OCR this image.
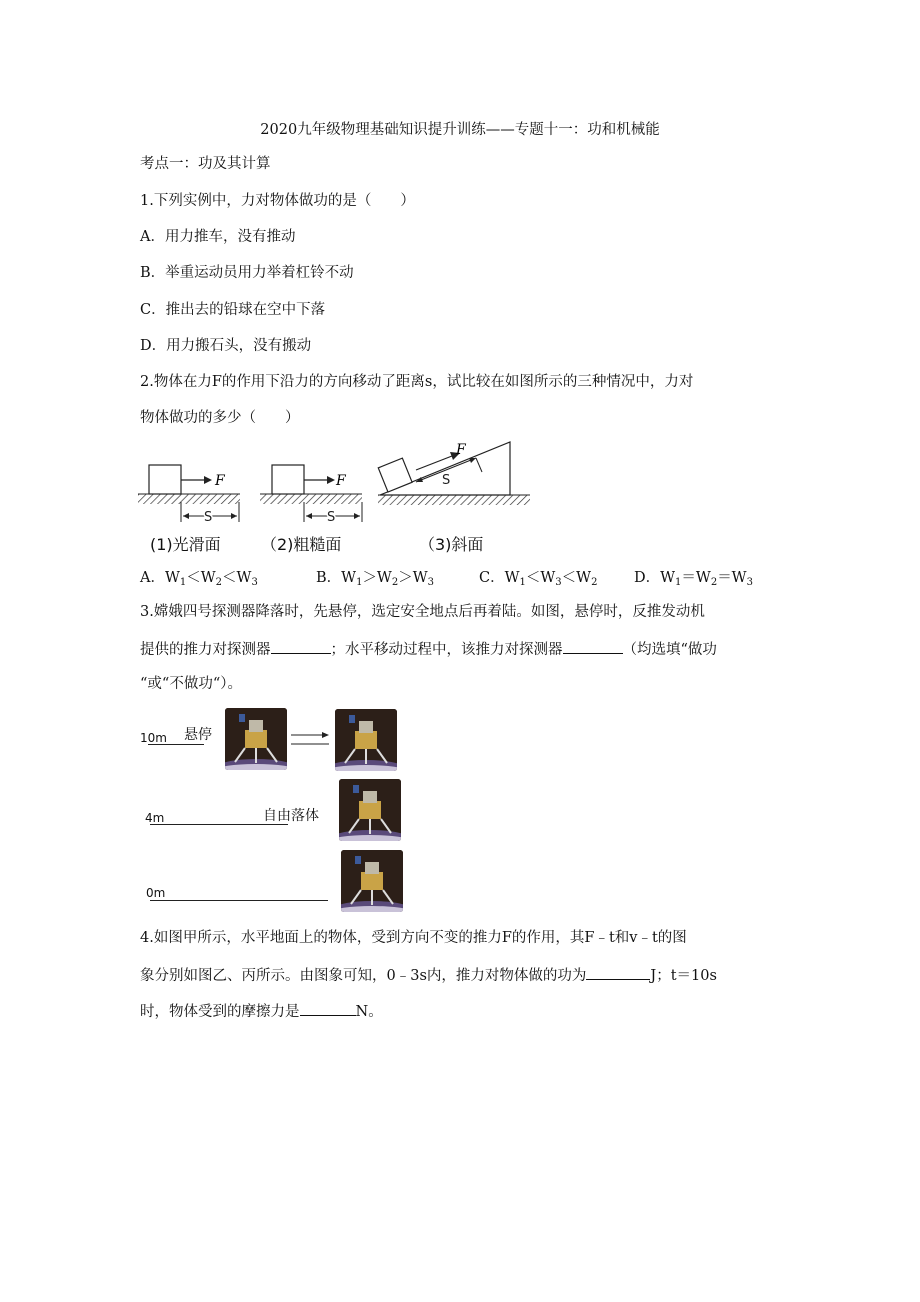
2020九年级物理基础知识提升训练——专题十一：功和机械能
考点一：功及其计算
1.下列实例中，力对物体做功的是（　　）
A．用力推车，没有推动
B．举重运动员用力举着杠铃不动
C．推出去的铅球在空中下落
D．用力搬石头，没有搬动
2.物体在力F的作用下沿力的方向移动了距离s，试比较在如图所示的三种情况中，力对
物体做功的多少（　　）
F
S
F
S
F
S
(1)光滑面	（2)粗糙面	（3)斜面
A．$W_1<W_2<W_3$	B．$W_1>W_2>W_3$	C．$W_1<W_3<W_2$	D．$W_1=W_2=W_3$
3.嫦娥四号探测器降落时，先悬停，选定安全地点后再着陆。如图，悬停时，反推发动机
提供的推力对探测器	；水平移动过程中，该推力对探测器	（均选填“做功
“或“不做功“）。
10m 悬停
4m	自由落体
0m
4.如图甲所示，水平地面上的物体，受到方向不变的推力F的作用，其F﹣t和v﹣t的图
象分别如图乙、丙所示。由图象可知，0﹣3s内，推力对物体做的功为	J；t＝10s
时，物体受到的摩擦力是	N。
